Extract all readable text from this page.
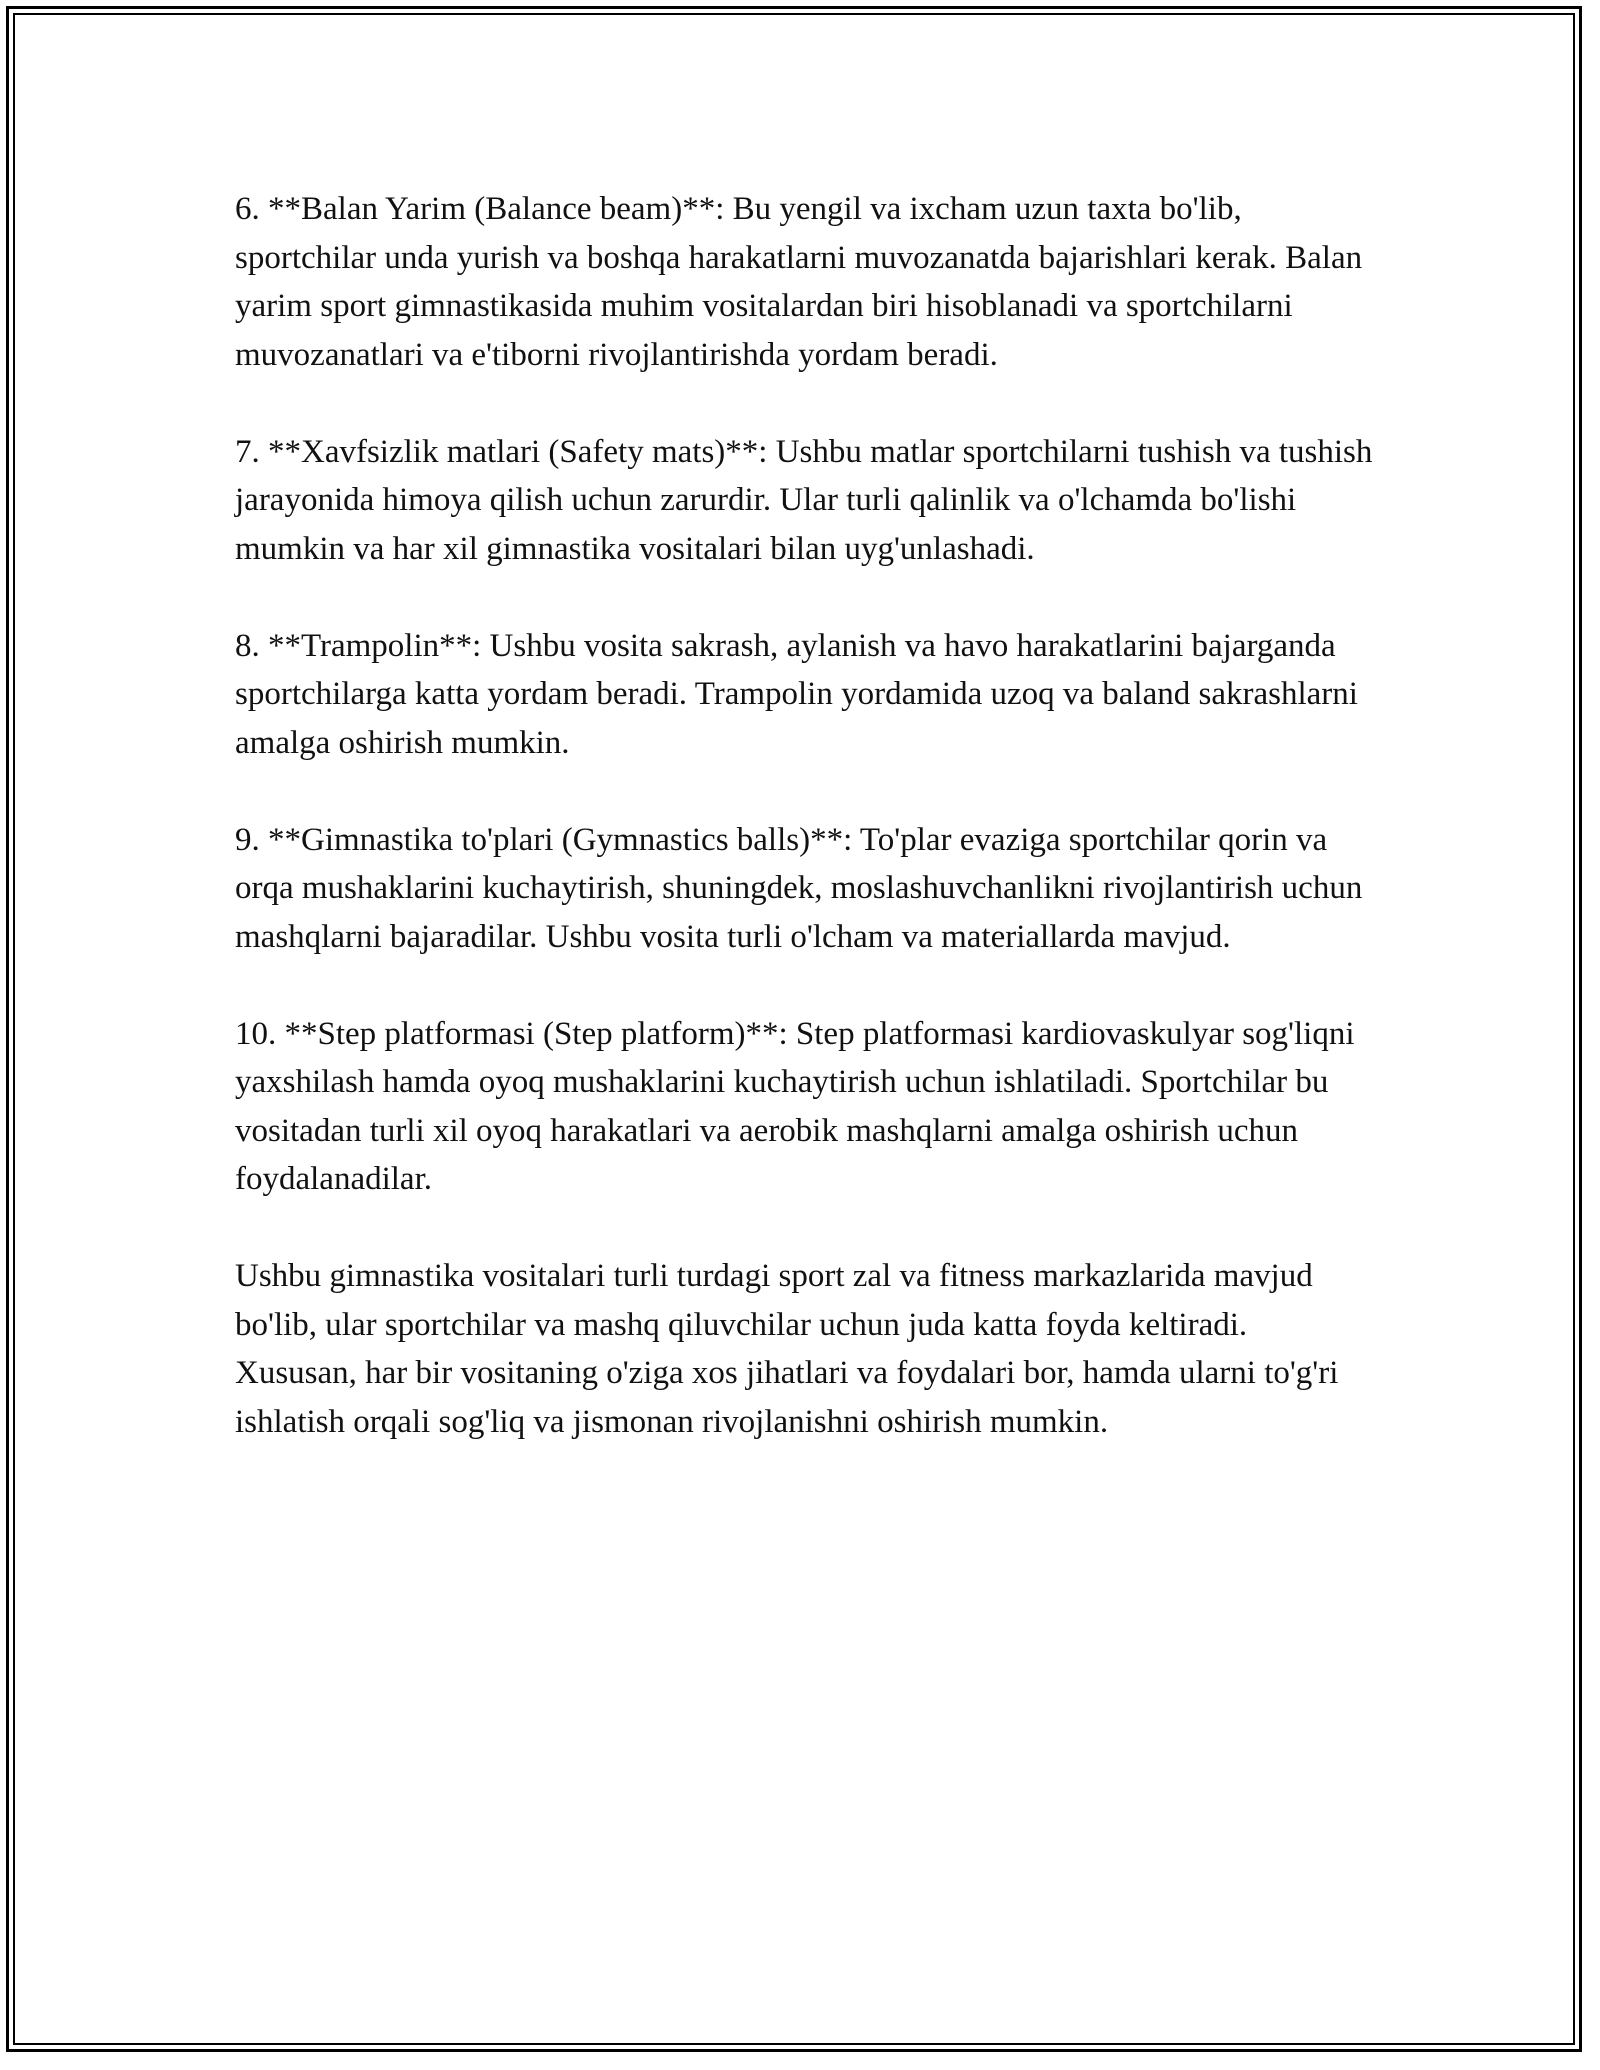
6. **Balan Yarim (Balance beam)**: Bu yengil va ixcham uzun taxta bo'lib, sportchilar unda yurish va boshqa harakatlarni muvozanatda bajarishlari kerak. Balan yarim sport gimnastikasida muhim vositalardan biri hisoblanadi va sportchilarni muvozanatlari va e'tiborni rivojlantirishda yordam beradi.

7. **Xavfsizlik matlari (Safety mats)**: Ushbu matlar sportchilarni tushish va tushish jarayonida himoya qilish uchun zarurdir. Ular turli qalinlik va o'lchamda bo'lishi mumkin va har xil gimnastika vositalari bilan uyg'unlashadi.

8. **Trampolin**: Ushbu vosita sakrash, aylanish va havo harakatlarini bajarganda sportchilarga katta yordam beradi. Trampolin yordamida uzoq va baland sakrashlarni amalga oshirish mumkin.

9. **Gimnastika to'plari (Gymnastics balls)**: To'plar evaziga sportchilar qorin va orqa mushaklarini kuchaytirish, shuningdek, moslashuvchanlikni rivojlantirish uchun mashqlarni bajaradilar. Ushbu vosita turli o'lcham va materiallarda mavjud.

10. **Step platformasi (Step platform)**: Step platformasi kardiovaskulyar sog'liqni yaxshilash hamda oyoq mushaklarini kuchaytirish uchun ishlatiladi. Sportchilar bu vositadan turli xil oyoq harakatlari va aerobik mashqlarni amalga oshirish uchun foydalanadilar.

Ushbu gimnastika vositalari turli turdagi sport zal va fitness markazlarida mavjud bo'lib, ular sportchilar va mashq qiluvchilar uchun juda katta foyda keltiradi. Xususan, har bir vositaning o'ziga xos jihatlari va foydalari bor, hamda ularni to'g'ri ishlatish orqali sog'liq va jismonan rivojlanishni oshirish mumkin.
